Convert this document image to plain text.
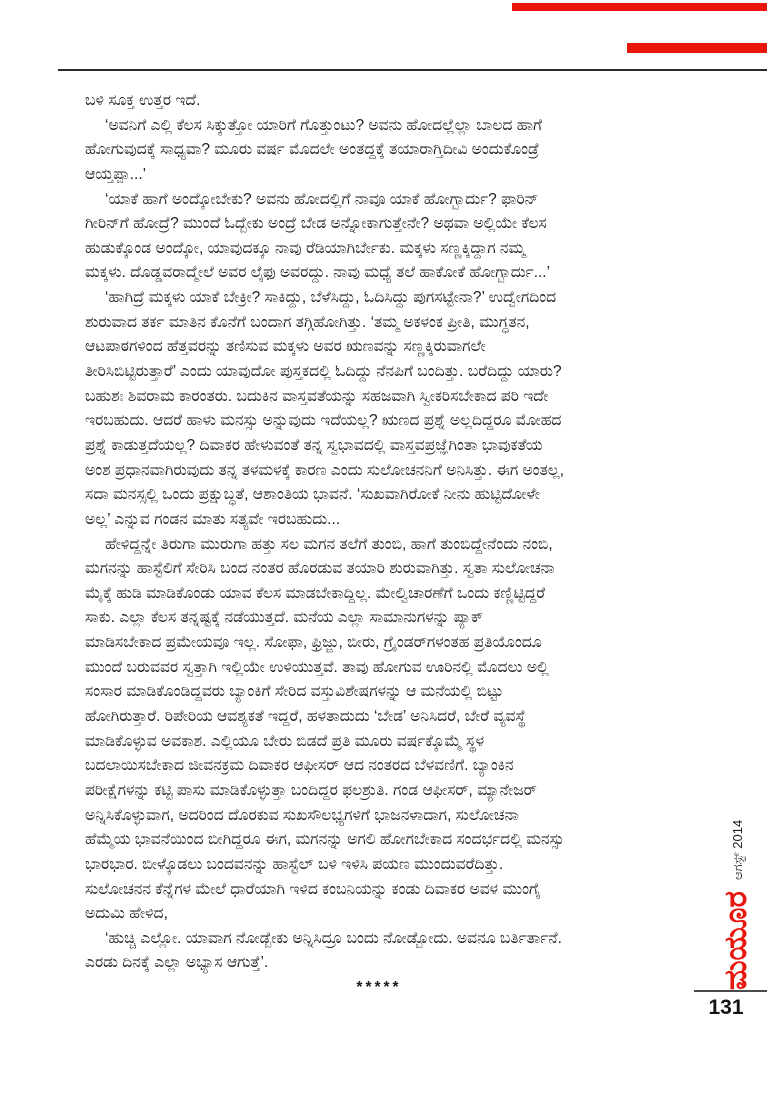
ಬಳಿ ಸೂಕ್ತ ಉತ್ತರ ಇದೆ.
‘ಅವನಿಗೆ ಎಲ್ಲಿ ಕೆಲಸ ಸಿಕ್ಕುತ್ತೋ ಯಾರಿಗೆ ಗೊತ್ತುಂಟು? ಅವನು ಹೋದಲ್ಲೆಲ್ಲಾ ಬಾಲದ ಹಾಗೆ
ಹೋಗುವುದಕ್ಕೆ ಸಾಧ್ಯವಾ? ಮೂರು ವರ್ಷ ಮೊದಲೇ ಅಂತದ್ದಕ್ಕೆ ತಯಾರಾಗ್ತಿದೀವಿ ಅಂದುಕೊಂಡ್ರೆ
ಆಯ್ತಪ್ಪಾ...’
‘ಯಾಕೆ ಹಾಗೆ ಅಂದ್ಕೋಬೇಕು? ಅವನು ಹೋದಲ್ಲಿಗೆ ನಾವೂ ಯಾಕೆ ಹೋಗ್ಬಾರ್ದು? ಫಾರಿನ್
ಗೀರಿನ್‌ಗೆ ಹೋದ್ರೆ? ಮುಂದೆ ಓದ್ಬೇಕು ಅಂದ್ರೆ ಬೇಡ ಅನ್ನೋಕಾಗುತ್ತೇನೇ? ಅಥವಾ ಅಲ್ಲಿಯೇ ಕೆಲಸ
ಹುಡುಕ್ಕೊಂಡ ಅಂದ್ಕೋ, ಯಾವುದಕ್ಕೂ ನಾವು ರೆಡಿಯಾಗಿರ್ಬೇಕು. ಮಕ್ಕಳು ಸಣ್ಣಕ್ಕಿದ್ದಾಗ ನಮ್ಮ
ಮಕ್ಕಳು. ದೊಡ್ಡವರಾದ್ಮೇಲೆ ಅವರ ಲೈಫು ಅವರದ್ದು. ನಾವು ಮಧ್ಯೆ ತಲೆ ಹಾಕೋಕೆ ಹೋಗ್ಬಾರ್ದು...’
‘ಹಾಗಿದ್ರೆ ಮಕ್ಕಳು ಯಾಕೆ ಬೇಕ್ರೀ? ಸಾಕಿದ್ದು, ಬೆಳೆಸಿದ್ದು, ಓದಿಸಿದ್ದು ಪುಗಸಟ್ಟೇನಾ?’ ಉದ್ವೇಗದಿಂದ
ಶುರುವಾದ ತರ್ಕ ಮಾತಿನ ಕೊನೆಗೆ ಬಂದಾಗ ತಗ್ಗಿಹೋಗಿತ್ತು. ‘ತಮ್ಮ ಅಕಳಂಕ ಪ್ರೀತಿ, ಮುಗ್ಧತನ,
ಆಟಪಾಠಗಳಿಂದ ಹೆತ್ತವರನ್ನು ತಣಿಸುವ ಮಕ್ಕಳು ಅವರ ಋಣವನ್ನು ಸಣ್ಣಕ್ಕಿರುವಾಗಲೇ
ತೀರಿಸಿಬಿಟ್ಟಿರುತ್ತಾರೆ’ ಎಂದು ಯಾವುದೋ ಪುಸ್ತಕದಲ್ಲಿ ಓದಿದ್ದು ನೆನಪಿಗೆ ಬಂದಿತ್ತು. ಬರೆದಿದ್ದು ಯಾರು?
ಬಹುಶಃ ಶಿವರಾಮ ಕಾರಂತರು. ಬದುಕಿನ ವಾಸ್ತವತೆಯನ್ನು ಸಹಜವಾಗಿ ಸ್ವೀಕರಿಸಬೇಕಾದ ಪರಿ ಇದೇ
ಇರಬಹುದು. ಆದರೆ ಹಾಳು ಮನಸ್ಸು ಅನ್ನುವುದು ಇದೆಯಲ್ಲ? ಋಣದ ಪ್ರಶ್ನೆ ಅಲ್ಲದಿದ್ದರೂ ಮೋಹದ
ಪ್ರಶ್ನೆ ಕಾಡುತ್ತದೆಯಲ್ಲ? ದಿವಾಕರ ಹೇಳುವಂತೆ ತನ್ನ ಸ್ವಭಾವದಲ್ಲಿ ವಾಸ್ತವಪ್ರಜ್ಞೆಗಿಂತಾ ಭಾವುಕತೆಯ
ಅಂಶ ಪ್ರಧಾನವಾಗಿರುವುದು ತನ್ನ ತಳಮಳಕ್ಕೆ ಕಾರಣ ಎಂದು ಸುಲೋಚನನಿಗೆ ಅನಿಸಿತ್ತು. ಈಗ ಅಂತಲ್ಲ,
ಸದಾ ಮನಸ್ಸಲ್ಲಿ ಒಂದು ಪ್ರಕ್ಷುಬ್ಧತೆ, ಆಶಾಂತಿಯ ಭಾವನೆ. ‘ಸುಖವಾಗಿರೋಕೆ ನೀನು ಹುಟ್ಟಿದೋಳೇ
ಅಲ್ಲ’ ಎನ್ನುವ ಗಂಡನ ಮಾತು ಸತ್ಯವೇ ಇರಬಹುದು...
ಹೇಳಿದ್ದನ್ನೇ ತಿರುಗಾ ಮುರುಗಾ ಹತ್ತು ಸಲ ಮಗನ ತಲೆಗೆ ತುಂಬಿ, ಹಾಗೆ ತುಂಬಿದ್ದೇನೆಂದು ನಂಬಿ,
ಮಗನನ್ನು ಹಾಸ್ಟೆಲಿಗೆ ಸೇರಿಸಿ ಬಂದ ನಂತರ ಹೊರಡುವ ತಯಾರಿ ಶುರುವಾಗಿತ್ತು. ಸ್ವತಾ ಸುಲೋಚನಾ
ಮೈಕ್ಕೆ ಹುಡಿ ಮಾಡಿಕೊಂಡು ಯಾವ ಕೆಲಸ ಮಾಡಬೇಕಾದ್ದಿಲ್ಲ. ಮೇಲ್ವಿಚಾರಣೆಗೆ ಒಂದು ಕಣ್ಣಿಟ್ಟಿದ್ದರೆ
ಸಾಕು. ಎಲ್ಲಾ ಕೆಲಸ ತನ್ನಷ್ಟಕ್ಕೆ ನಡೆಯುತ್ತದೆ. ಮನೆಯ ಎಲ್ಲಾ ಸಾಮಾನುಗಳನ್ನು ಪ್ಯಾಕ್
ಮಾಡಿಸಬೇಕಾದ ಪ್ರಮೇಯವೂ ಇಲ್ಲ. ಸೋಫಾ, ಫ್ರಿಜ್ಜು, ಬೀರು, ಗ್ರೈಂಡರ್‌ಗಳಂತಹ ಪ್ರತಿಯೊಂದೂ
ಮುಂದೆ ಬರುವವರ ಸ್ವತ್ತಾಗಿ ಇಲ್ಲಿಯೇ ಉಳಿಯುತ್ತವೆ. ತಾವು ಹೋಗುವ ಊರಿನಲ್ಲಿ ಮೊದಲು ಅಲ್ಲಿ
ಸಂಸಾರ ಮಾಡಿಕೊಂಡಿದ್ದವರು ಬ್ಯಾಂಕಿಗೆ ಸೇರಿದ ವಸ್ತುವಿಶೇಷಗಳನ್ನು ಆ ಮನೆಯಲ್ಲಿ ಬಿಟ್ಟು
ಹೋಗಿರುತ್ತಾರೆ. ರಿಪೇರಿಯ ಆವಶ್ಯಕತೆ ಇದ್ದರೆ, ಹಳತಾದುದು ‘ಬೇಡ’ ಅನಿಸಿದರೆ, ಬೇರೆ ವ್ಯವಸ್ಥೆ
ಮಾಡಿಕೊಳ್ಳುವ ಅವಕಾಶ. ಎಲ್ಲಿಯೂ ಬೇರು ಬಿಡದೆ ಪ್ರತಿ ಮೂರು ವರ್ಷಕ್ಕೊಮ್ಮೆ ಸ್ಥಳ
ಬದಲಾಯಿಸಬೇಕಾದ ಜೀವನಕ್ರಮ ದಿವಾಕರ ಆಫೀಸರ್ ಆದ ನಂತರದ ಬೆಳವಣಿಗೆ. ಬ್ಯಾಂಕಿನ
ಪರೀಕ್ಷೆಗಳನ್ನು ಕಟ್ಟಿ ಪಾಸು ಮಾಡಿಕೊಳ್ಳುತ್ತಾ ಬಂದಿದ್ದರ ಫಲಶ್ರುತಿ. ಗಂಡ ಆಫೀಸರ್, ಮ್ಯಾನೇಜರ್
ಅನ್ನಿಸಿಕೊಳ್ಳುವಾಗ, ಅದರಿಂದ ದೊರಕುವ ಸುಖಸೌಲಭ್ಯಗಳಿಗೆ ಭಾಜನಳಾದಾಗ, ಸುಲೋಚನಾ
ಹೆಮ್ಮೆಯ ಭಾವನೆಯಿಂದ ಬೀಗಿದ್ದರೂ ಈಗ, ಮಗನನ್ನು ಅಗಲಿ ಹೋಗಬೇಕಾದ ಸಂದರ್ಭದಲ್ಲಿ ಮನಸ್ಸು
ಭಾರಭಾರ. ಬೀಳ್ಕೊಡಲು ಬಂದವನನ್ನು ಹಾಸ್ಟೆಲ್ ಬಳಿ ಇಳಿಸಿ ಪಯಣ ಮುಂದುವರೆದಿತ್ತು.
ಸುಲೋಚನನ ಕೆನ್ನೆಗಳ ಮೇಲೆ ಧಾರೆಯಾಗಿ ಇಳಿದ ಕಂಬನಿಯನ್ನು ಕಂಡು ದಿವಾಕರ ಅವಳ ಮುಂಗೈ
ಅದುಮಿ ಹೇಳಿದ,
‘ಹುಚ್ಚಿ ಎಲ್ಲೋ. ಯಾವಾಗ ನೋಡ್ಬೇಕು ಅನ್ನಿಸಿದ್ರೂ ಬಂದು ನೋಡ್ಬೋದು. ಅವನೂ ಬರ್ತಿರ್ತಾನೆ.
ಎರಡು ದಿನಕ್ಕೆ ಎಲ್ಲಾ ಅಭ್ಯಾಸ ಆಗುತ್ತೆ’.
*****
ಆಗಸ್ಟ್ 2014
ಮಯೂರ
131
